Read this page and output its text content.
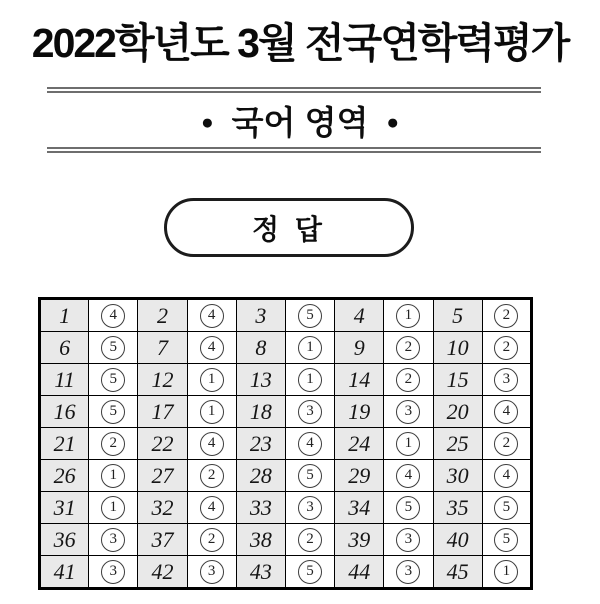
2022학년도 3월 전국연학력평가
● 국어 영역 ●
정 답
1	4	2	4	3	5	4	1	5	2
6	5	7	4	8	1	9	2	10	2
11	5	12	1	13	1	14	2	15	3
16	5	17	1	18	3	19	3	20	4
21	2	22	4	23	4	24	1	25	2
26	1	27	2	28	5	29	4	30	4
31	1	32	4	33	3	34	5	35	5
36	3	37	2	38	2	39	3	40	5
41	3	42	3	43	5	44	3	45	1
